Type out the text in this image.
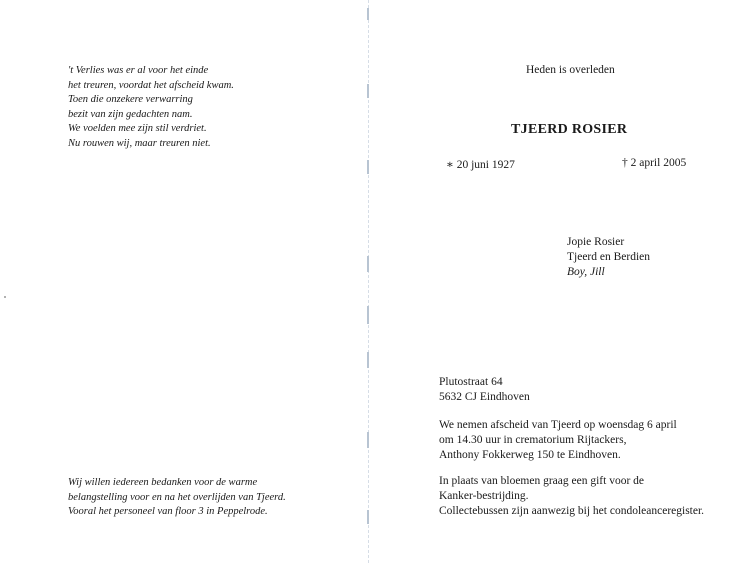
't Verlies was er al voor het einde
het treuren, voordat het afscheid kwam.
Toen die onzekere verwarring
bezit van zijn gedachten nam.
We voelden mee zijn stil verdriet.
Nu rouwen wij, maar treuren niet.
Wij willen iedereen bedanken voor de warme
belangstelling voor en na het overlijden van Tjeerd.
Vooral het personeel van floor 3 in Peppelrode.
Heden is overleden
TJEERD ROSIER
∗ 20 juni 1927	† 2 april 2005
Jopie Rosier
Tjeerd en Berdien
Boy, Jill
Plutostraat 64
5632 CJ Eindhoven
We nemen afscheid van Tjeerd op woensdag 6 april
om 14.30 uur in crematorium Rijtackers,
Anthony Fokkerweg 150 te Eindhoven.
In plaats van bloemen graag een gift voor de
Kanker-bestrijding.
Collectebussen zijn aanwezig bij het condoleanceregister.
